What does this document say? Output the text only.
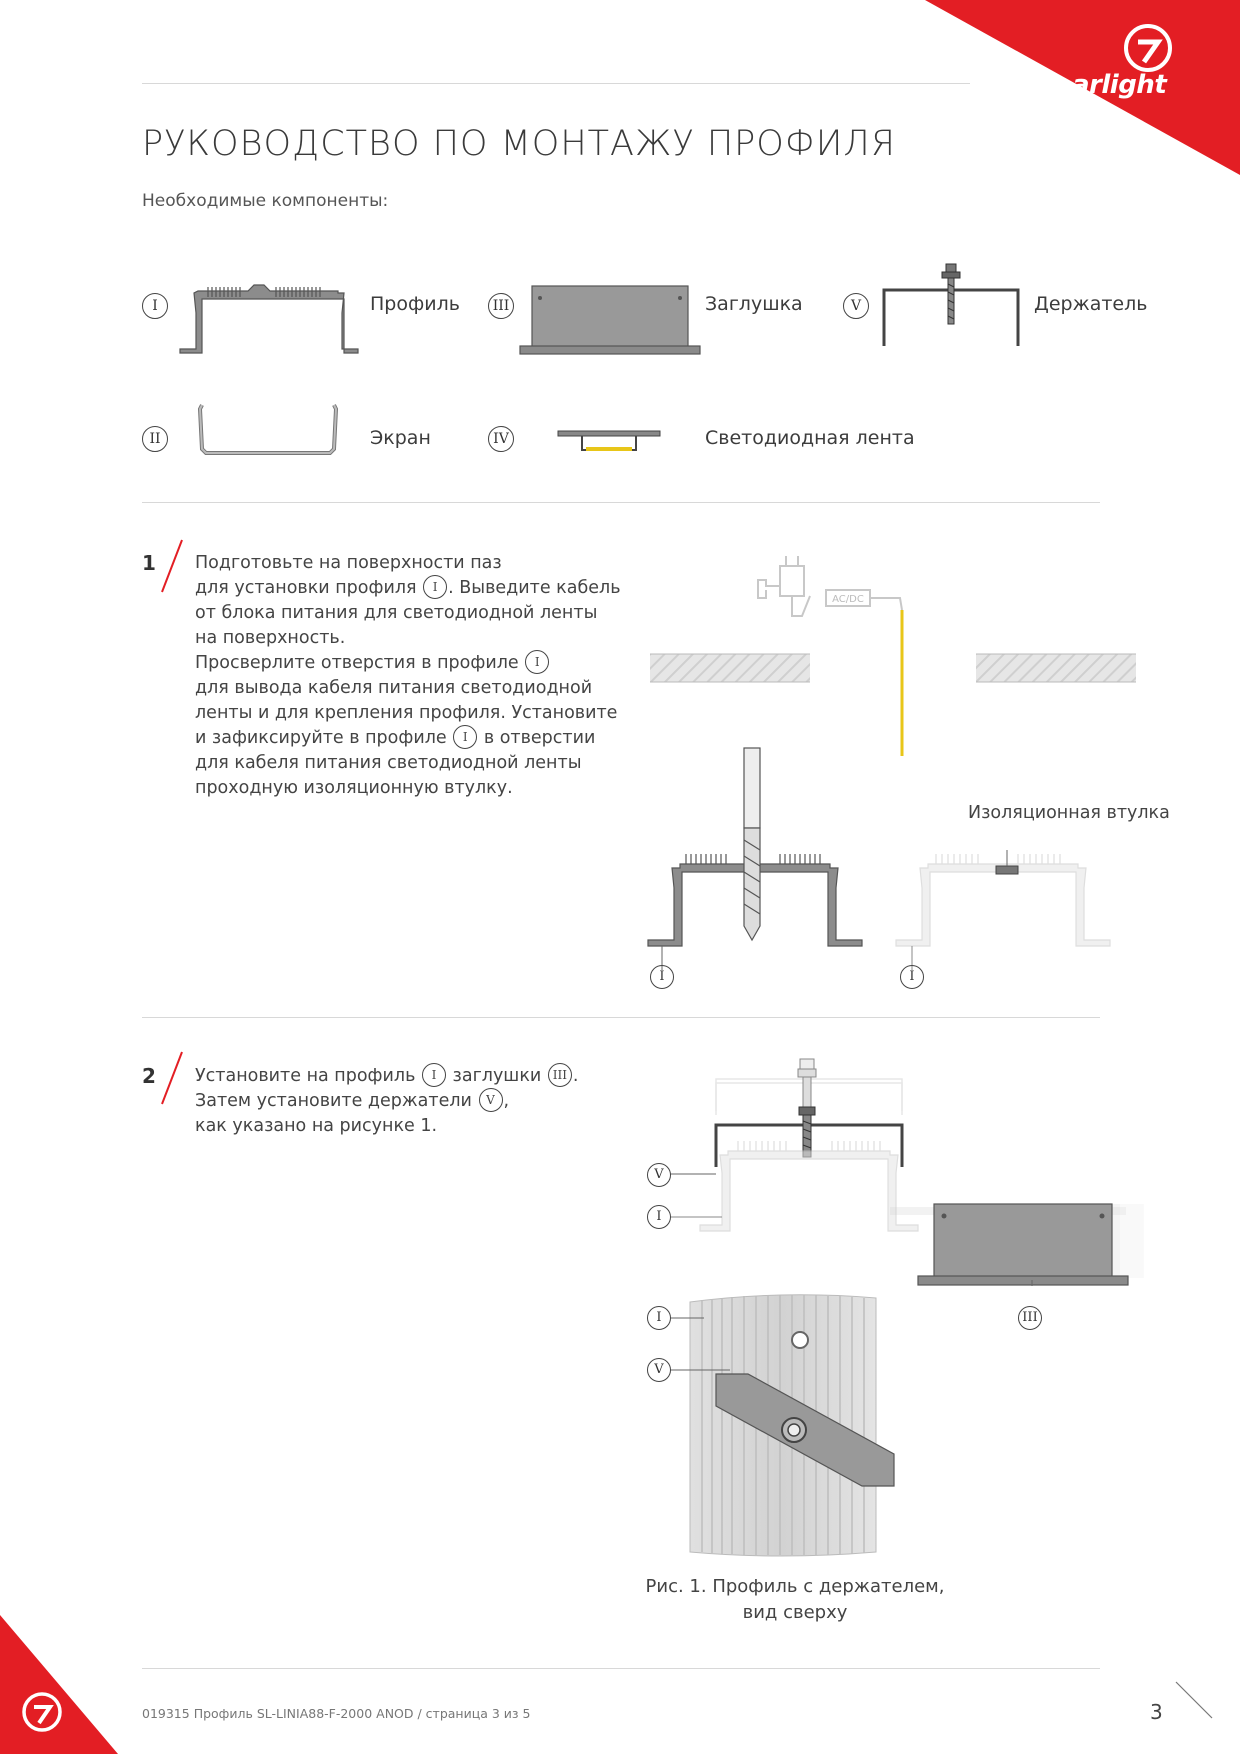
arlight
РУКОВОДСТВО ПО МОНТАЖУ ПРОФИЛЯ
Необходимые компоненты:
I	Профиль	III	Заглушка	V	Держатель
II	Экран	IV	Светодиодная лента
1 Подготовьте на поверхности паз
для установки профиля I . Выведите кабель
от блока питания для светодиодной ленты
на поверхность.
Просверлите отверстия в профиле I
для вывода кабеля питания светодиодной
ленты и для крепления профиля. Установите
и зафиксируйте в профиле I в отверстии
для кабеля питания светодиодной ленты
проходную изоляционную втулку.
AC/DC
Изоляционная втулка
I	I
2 Установите на профиль I заглушки III .
Затем установите держатели V ,
как указано на рисунке 1.
V
I
III
I
V
Рис. 1. Профиль с держателем,
вид сверху
019315 Профиль SL-LINIA88-F-2000 ANOD / страница 3 из 5	3
